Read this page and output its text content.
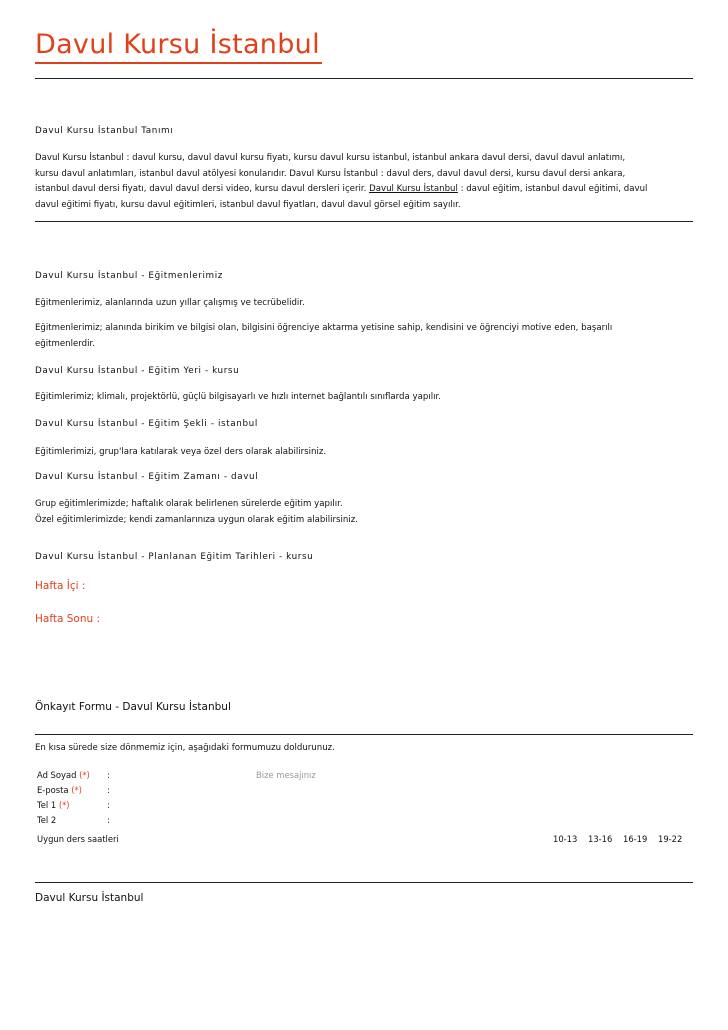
Davul Kursu İstanbul
Davul Kursu İstanbul Tanımı
Davul Kursu İstanbul : davul kursu, davul davul kursu fiyatı, kursu davul kursu istanbul, istanbul ankara davul dersi, davul davul anlatımı,
kursu davul anlatımları, istanbul davul atölyesi konularıdır. Davul Kursu İstanbul : davul ders, davul davul dersi, kursu davul dersi ankara,
istanbul davul dersi fiyatı, davul davul dersi video, kursu davul dersleri içerir. Davul Kursu İstanbul : davul eğitim, istanbul davul eğitimi, davul
davul eğitimi fiyatı, kursu davul eğitimleri, istanbul davul fiyatları, davul davul görsel eğitim sayılır.
Davul Kursu İstanbul - Eğitmenlerimiz
Eğitmenlerimiz, alanlarında uzun yıllar çalışmış ve tecrübelidir.
Eğitmenlerimiz; alanında birikim ve bilgisi olan, bilgisini öğrenciye aktarma yetisine sahip, kendisini ve öğrenciyi motive eden, başarılı
eğitmenlerdir.
Davul Kursu İstanbul - Eğitim Yeri - kursu
Eğitimlerimiz; klimalı, projektörlü, güçlü bilgisayarlı ve hızlı internet bağlantılı sınıflarda yapılır.
Davul Kursu İstanbul - Eğitim Şekli - istanbul
Eğitimlerimizi, grup'lara katılarak veya özel ders olarak alabilirsiniz.
Davul Kursu İstanbul - Eğitim Zamanı - davul
Grup eğitimlerimizde; haftalık olarak belirlenen sürelerde eğitim yapılır.
Özel eğitimlerimizde; kendi zamanlarınıza uygun olarak eğitim alabilirsiniz.
Davul Kursu İstanbul - Planlanan Eğitim Tarihleri - kursu
Hafta İçi :
Hafta Sonu :
Önkayıt Formu - Davul Kursu İstanbul
En kısa sürede size dönmemiz için, aşağıdaki formumuzu doldurunuz.
Ad Soyad (*) :
E-posta (*)	:
Tel 1 (*)	:
Tel 2	:
Bize mesajınız
Uygun ders saatleri	10-13 13-16 16-19 19-22
Davul Kursu İstanbul
